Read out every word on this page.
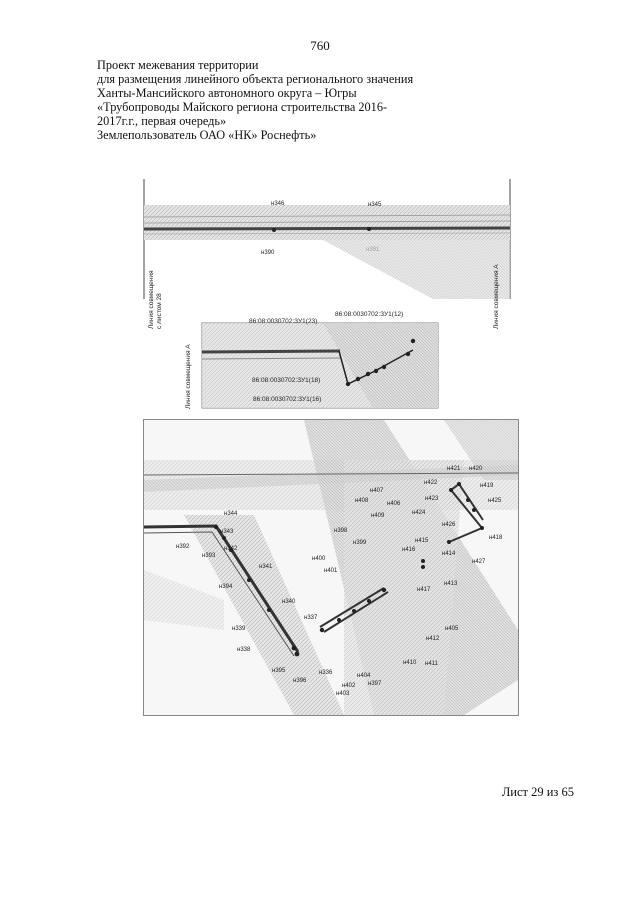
760
Проект межевания территории
для размещения линейного объекта регионального значения
Ханты-Мансийского автономного округа – Югры
«Трубопроводы Майского региона строительства 2016-
2017г.г., первая очередь»
Землепользователь ОАО «НК» Роснефть»
н346	н345
н390
Линия совмещения с листом 28	Линия совмещения А
Линия совмещения А
86:08:0030702:ЗУ1(12)
86:08:0030702:ЗУ1(23)
86:08:0030702:ЗУ1(18)
86:08:0030702:ЗУ1(16)
н344
н343
н342
н392
н393
н394
н341
н340
н339
н338
н337
н336
н395
н396
н398
н399
н400
н401
н402
н403
н404
н397
н407
н408
н409
н406
н422
н421 н420
н419
н423
н424
н425
н426
н418
н416
н414
н415
н427
н417
н413
н405
н412
н410 н411
Лист 29 из 65
